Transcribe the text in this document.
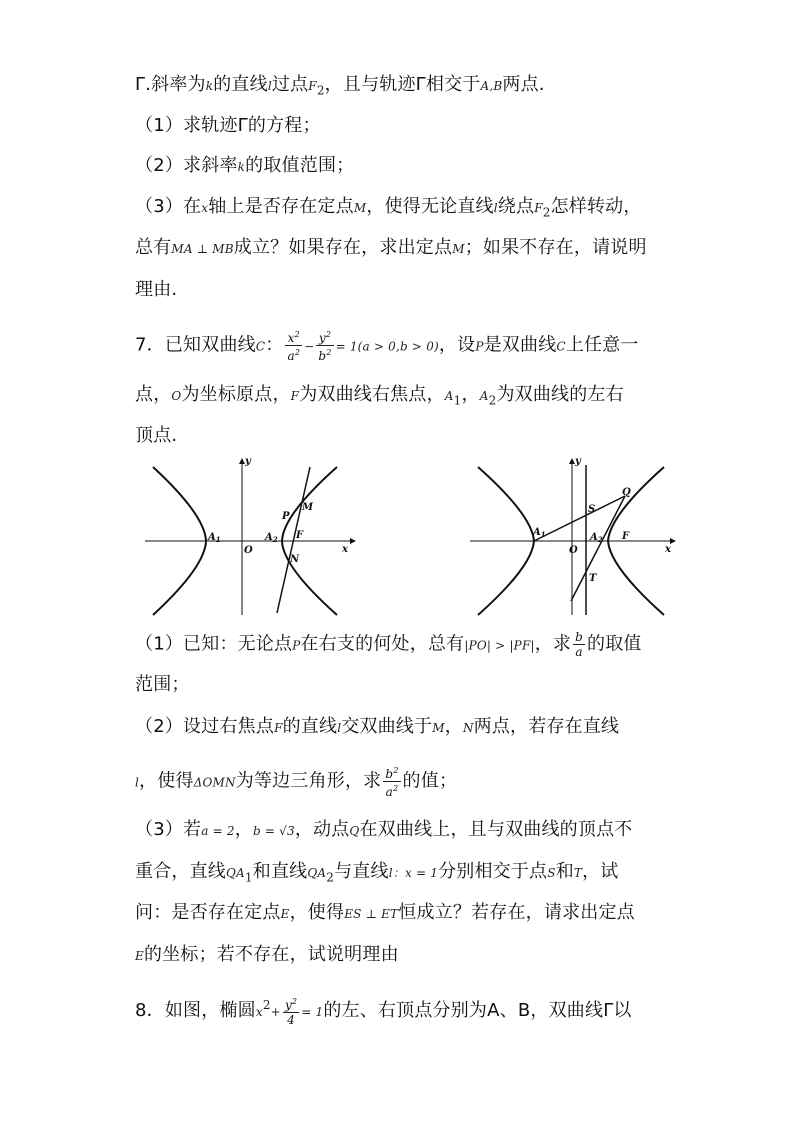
Γ.斜率为k的直线l过点$F_2$，且与轨迹Γ相交于A,B两点.
（1）求轨迹Γ的方程；
（2）求斜率k的取值范围；
（3）在x轴上是否存在定点M，使得无论直线l绕点$F_2$怎样转动，
总有MA ⊥ MB成立？如果存在，求出定点M；如果不存在，请说明
理由.
7．已知双曲线C： $\frac{x^2}{a^2} - \frac{y^2}{b^2} = 1(a > 0,b > 0)$，设P是双曲线C上任意一
点，O为坐标原点，F为双曲线右焦点，$A_1$，$A_2$为双曲线的左右
顶点.
y
x
O
$A_1$	$A_2$
P
M
F
N
y
x
O
$A_1$	$A_2$
S
Q
F
T
（1）已知：无论点P在右支的何处，总有|PO| > |PF|，求 $\frac{b}{a}$ 的取值
范围；
（2）设过右焦点F的直线l交双曲线于M，N两点，若存在直线
l，使得ΔOMN为等边三角形，求 $\frac{b^2}{a^2}$ 的值；
（3）若a = 2，b = √3，动点Q在双曲线上，且与双曲线的顶点不
重合，直线$QA_1$和直线$QA_2$与直线l：x = 1分别相交于点S和T，试
问：是否存在定点E，使得ES ⊥ ET恒成立？若存在，请求出定点
E的坐标；若不存在，试说明理由
8．如图，椭圆$x^2+ \frac{y^2}{4} = 1$的左、右顶点分别为A、B，双曲线Γ以
